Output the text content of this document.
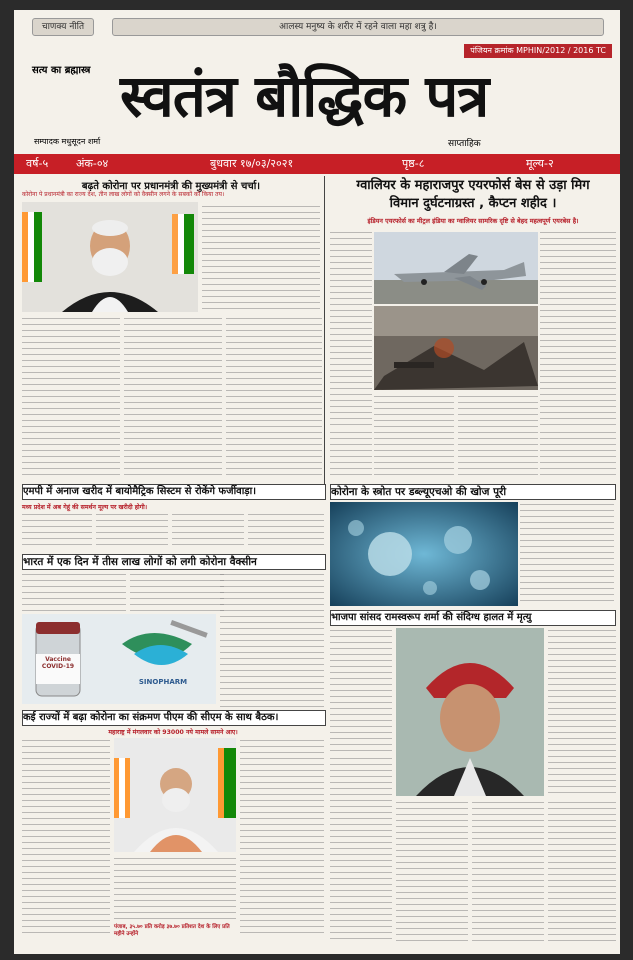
चाणक्य नीति	आलस्य मनुष्य के शरीर में रहने वाला महा शत्रु है।
पंजियन क्रमांक MPHIN/2012 / 2016 TC
सत्य का ब्रह्मास्त्र स्वतंत्र बौद्धिक पत्र
सम्पादक मधुसूदन शर्मा	साप्ताहिक
वर्ष-५	अंक-०४	बुधवार १७/०३/२०२१	पृष्ठ-८	मूल्य-२
बढ़ते कोरोना पर प्रधानमंत्री की मुख्यमंत्री से चर्चा।
कोरोना पे प्रधानमंत्री का राज्य देश, तीन लाख लोगों को वैक्सीन लगने के सबकों को किया तय।
ग्वालियर के महाराजपुर एयरफोर्स बेस से उड़ा मिग
विमान दुर्घटनाग्रस्त , कैप्टन शहीद ।
इंडियन एयरफोर्स का मीट्रल इंडिया का ग्वालियर सामरिक दृष्टि से बेहद महत्वपूर्ण एयरबेस है।
एमपी में अनाज खरीद में बायोमैट्रिक सिस्टम से रोकेंगे फर्जीवाड़ा।
मध्य प्रदेश में अब गेहूं की समर्थन मूल्य पर खरीदी होगी।
कोरोना के स्त्रोत पर डब्ल्यूएचओ की खोज पूरी
भारत में एक दिन में तीस लाख लोगों को लगी कोरोना वैक्सीन
Vaccine COVID-19
SINOPHARM
भाजपा सांसद रामस्वरूप शर्मा की संदिग्ध हालत में मृत्यु
कई राज्यों में बढ़ा कोरोना का संक्रमण पीएम की सीएम के साथ बैठक।
महाराष्ट्र में मंगलवार को 93000 नये मामले सामने आए।
पंजाब, ३५.७० प्रति करोड़ ३७.७० प्रतिशत देश के लिए प्रति महीने उन्होंने
